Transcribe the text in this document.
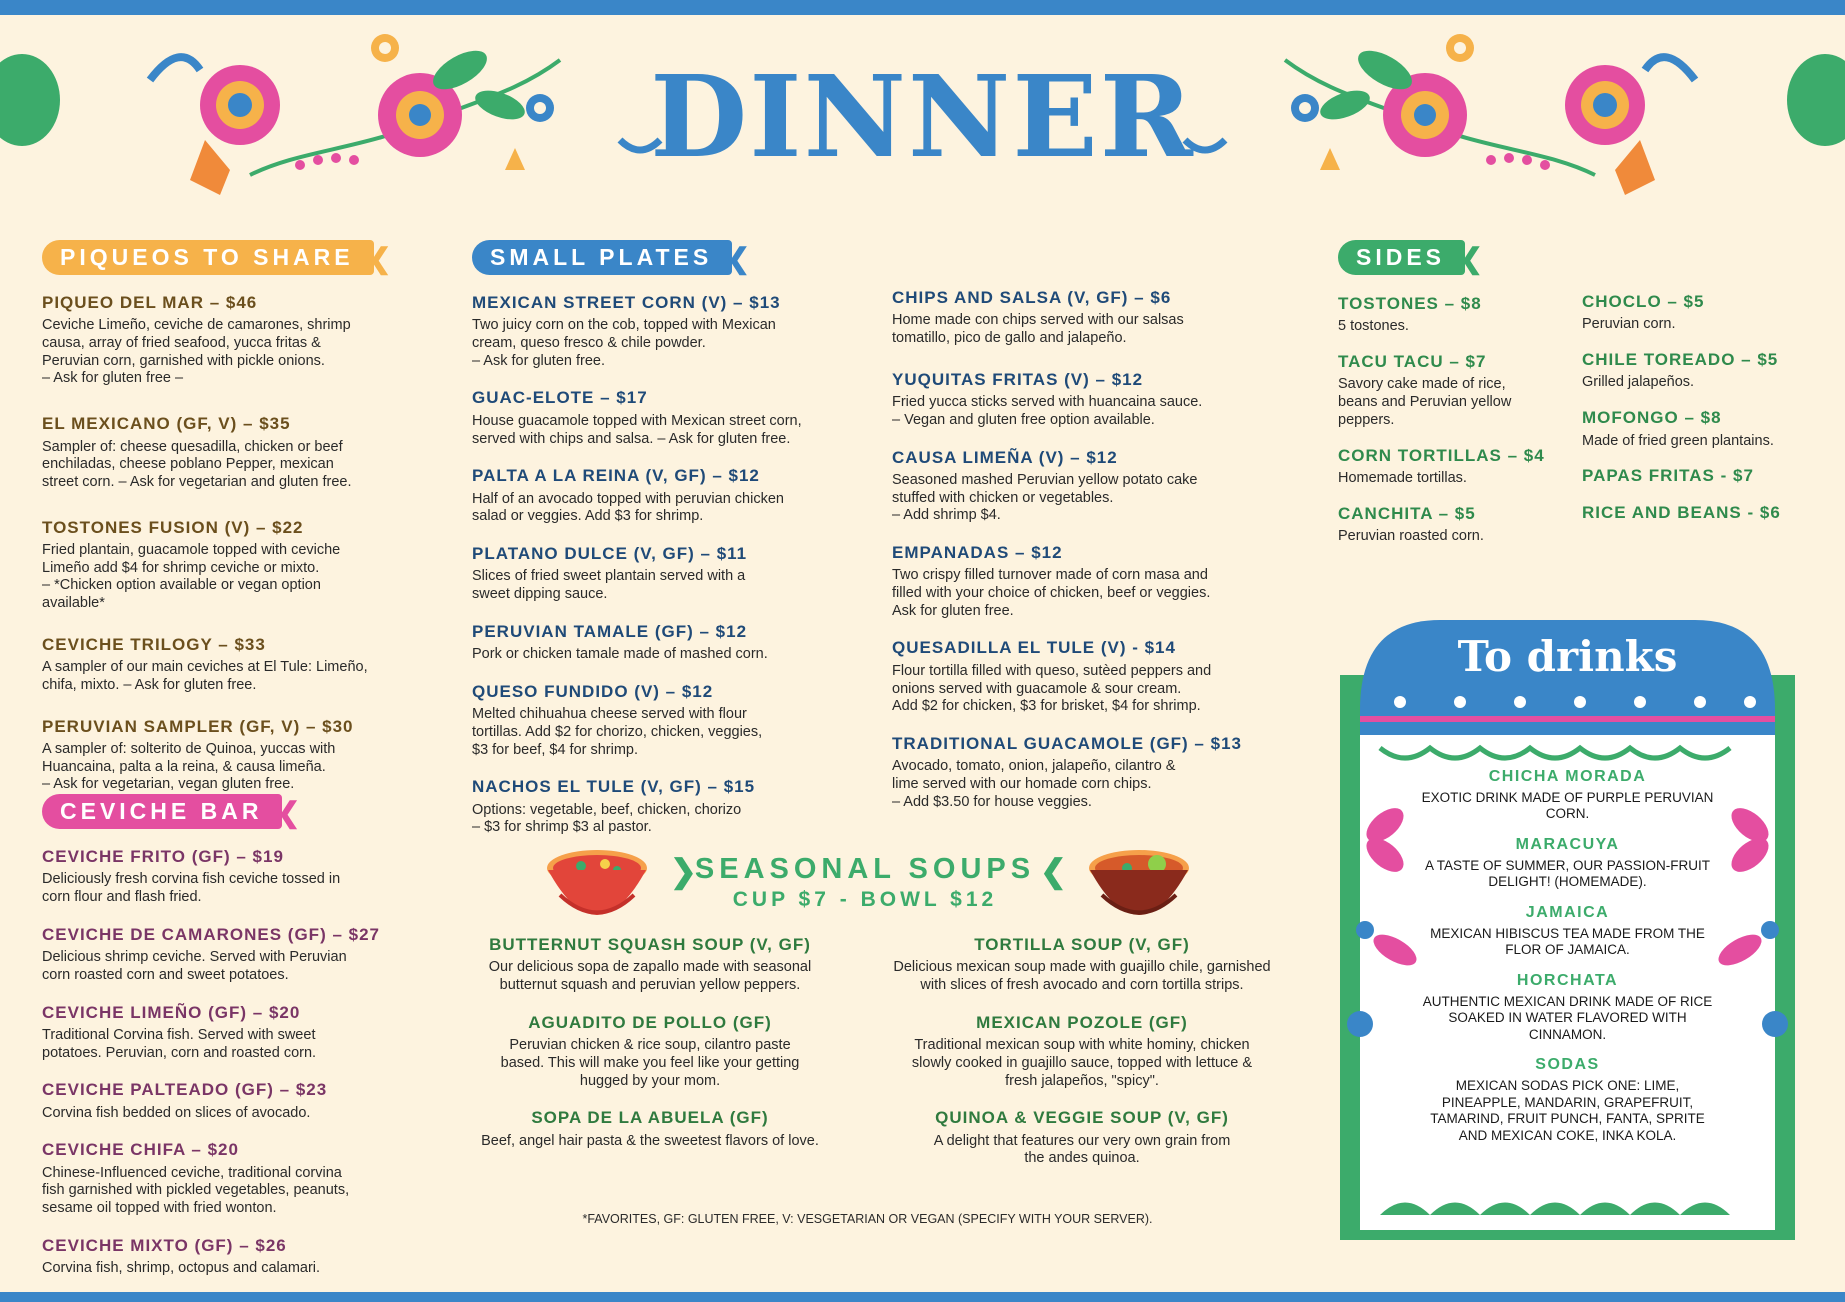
DINNER
PIQUEOS TO SHARE ❮
PIQUEO DEL MAR – $46
Ceviche Limeño, ceviche de camarones, shrimp
causa, array of fried seafood, yucca fritas &
Peruvian corn, garnished with pickle onions.
– Ask for gluten free –
EL MEXICANO (GF, V) – $35
Sampler of: cheese quesadilla, chicken or beef
enchiladas, cheese poblano Pepper, mexican
street corn. – Ask for vegetarian and gluten free.
TOSTONES FUSION (V) – $22
Fried plantain, guacamole topped with ceviche
Limeño add $4 for shrimp ceviche or mixto.
– *Chicken option available or vegan option
available*
CEVICHE TRILOGY – $33
A sampler of our main ceviches at El Tule: Limeño,
chifa, mixto. – Ask for gluten free.
PERUVIAN SAMPLER (GF, V) – $30
A sampler of: solterito de Quinoa, yuccas with
Huancaina, palta a la reina, & causa limeña.
– Ask for vegetarian, vegan gluten free.
CEVICHE BAR ❮
CEVICHE FRITO (GF) – $19
Deliciously fresh corvina fish ceviche tossed in
corn flour and flash fried.
CEVICHE DE CAMARONES (GF) – $27
Delicious shrimp ceviche. Served with Peruvian
corn roasted corn and sweet potatoes.
CEVICHE LIMEÑO (GF) – $20
Traditional Corvina fish. Served with sweet
potatoes. Peruvian, corn and roasted corn.
CEVICHE PALTEADO (GF) – $23
Corvina fish bedded on slices of avocado.
CEVICHE CHIFA – $20
Chinese-Influenced ceviche, traditional corvina
fish garnished with pickled vegetables, peanuts,
sesame oil topped with fried wonton.
CEVICHE MIXTO (GF) – $26
Corvina fish, shrimp, octopus and calamari.
SMALL PLATES ❮
MEXICAN STREET CORN (V) – $13
Two juicy corn on the cob, topped with Mexican
cream, queso fresco & chile powder.
– Ask for gluten free.
GUAC-ELOTE – $17
House guacamole topped with Mexican street corn,
served with chips and salsa. – Ask for gluten free.
PALTA A LA REINA (V, GF) – $12
Half of an avocado topped with peruvian chicken
salad or veggies. Add $3 for shrimp.
PLATANO DULCE (V, GF) – $11
Slices of fried sweet plantain served with a
sweet dipping sauce.
PERUVIAN TAMALE (GF) – $12
Pork or chicken tamale made of mashed corn.
QUESO FUNDIDO (V) – $12
Melted chihuahua cheese served with flour
tortillas. Add $2 for chorizo, chicken, veggies,
$3 for beef, $4 for shrimp.
NACHOS EL TULE (V, GF) – $15
Options: vegetable, beef, chicken, chorizo
– $3 for shrimp $3 al pastor.
CHIPS AND SALSA (V, GF) – $6
Home made con chips served with our salsas
tomatillo, pico de gallo and jalapeño.
YUQUITAS FRITAS (V) – $12
Fried yucca sticks served with huancaina sauce.
– Vegan and gluten free option available.
CAUSA LIMEÑA (V) – $12
Seasoned mashed Peruvian yellow potato cake
stuffed with chicken or vegetables.
– Add shrimp $4.
EMPANADAS – $12
Two crispy filled turnover made of corn masa and
filled with your choice of chicken, beef or veggies.
Ask for gluten free.
QUESADILLA EL TULE (V) - $14
Flour tortilla filled with queso, sutèed peppers and
onions served with guacamole & sour cream.
Add $2 for chicken, $3 for brisket, $4 for shrimp.
TRADITIONAL GUACAMOLE (GF) – $13
Avocado, tomato, onion, jalapeño, cilantro &
lime served with our homade corn chips.
– Add $3.50 for house veggies.
SIDES ❮
TOSTONES – $8
5 tostones.
TACU TACU – $7
Savory cake made of rice,
beans and Peruvian yellow
peppers.
CORN TORTILLAS – $4
Homemade tortillas.
CANCHITA – $5
Peruvian roasted corn.
CHOCLO – $5
Peruvian corn.
CHILE TOREADO – $5
Grilled jalapeños.
MOFONGO – $8
Made of fried green plantains.
PAPAS FRITAS - $7
RICE AND BEANS - $6
SEASONAL SOUPS
CUP $7 - BOWL $12
❯	❮
BUTTERNUT SQUASH SOUP (V, GF)
Our delicious sopa de zapallo made with seasonal
butternut squash and peruvian yellow peppers.
AGUADITO DE POLLO (GF)
Peruvian chicken & rice soup, cilantro paste
based. This will make you feel like your getting
hugged by your mom.
SOPA DE LA ABUELA (GF)
Beef, angel hair pasta & the sweetest flavors of love.
TORTILLA SOUP (V, GF)
Delicious mexican soup made with guajillo chile, garnished
with slices of fresh avocado and corn tortilla strips.
MEXICAN POZOLE (GF)
Traditional mexican soup with white hominy, chicken
slowly cooked in guajillo sauce, topped with lettuce &
fresh jalapeños, "spicy".
QUINOA & VEGGIE SOUP (V, GF)
A delight that features our very own grain from
the andes quinoa.
*FAVORITES, GF: GLUTEN FREE, V: VESGETARIAN OR VEGAN (SPECIFY WITH YOUR SERVER).
To drinks
CHICHA MORADA
EXOTIC DRINK MADE OF PURPLE PERUVIAN CORN.
MARACUYA
A TASTE OF SUMMER, OUR PASSION-FRUIT DELIGHT! (HOMEMADE).
JAMAICA
MEXICAN HIBISCUS TEA MADE FROM THE FLOR OF JAMAICA.
HORCHATA
AUTHENTIC MEXICAN DRINK MADE OF RICE SOAKED IN WATER FLAVORED WITH CINNAMON.
SODAS
MEXICAN SODAS PICK ONE: LIME, PINEAPPLE, MANDARIN, GRAPEFRUIT, TAMARIND, FRUIT PUNCH, FANTA, SPRITE AND MEXICAN COKE, INKA KOLA.
